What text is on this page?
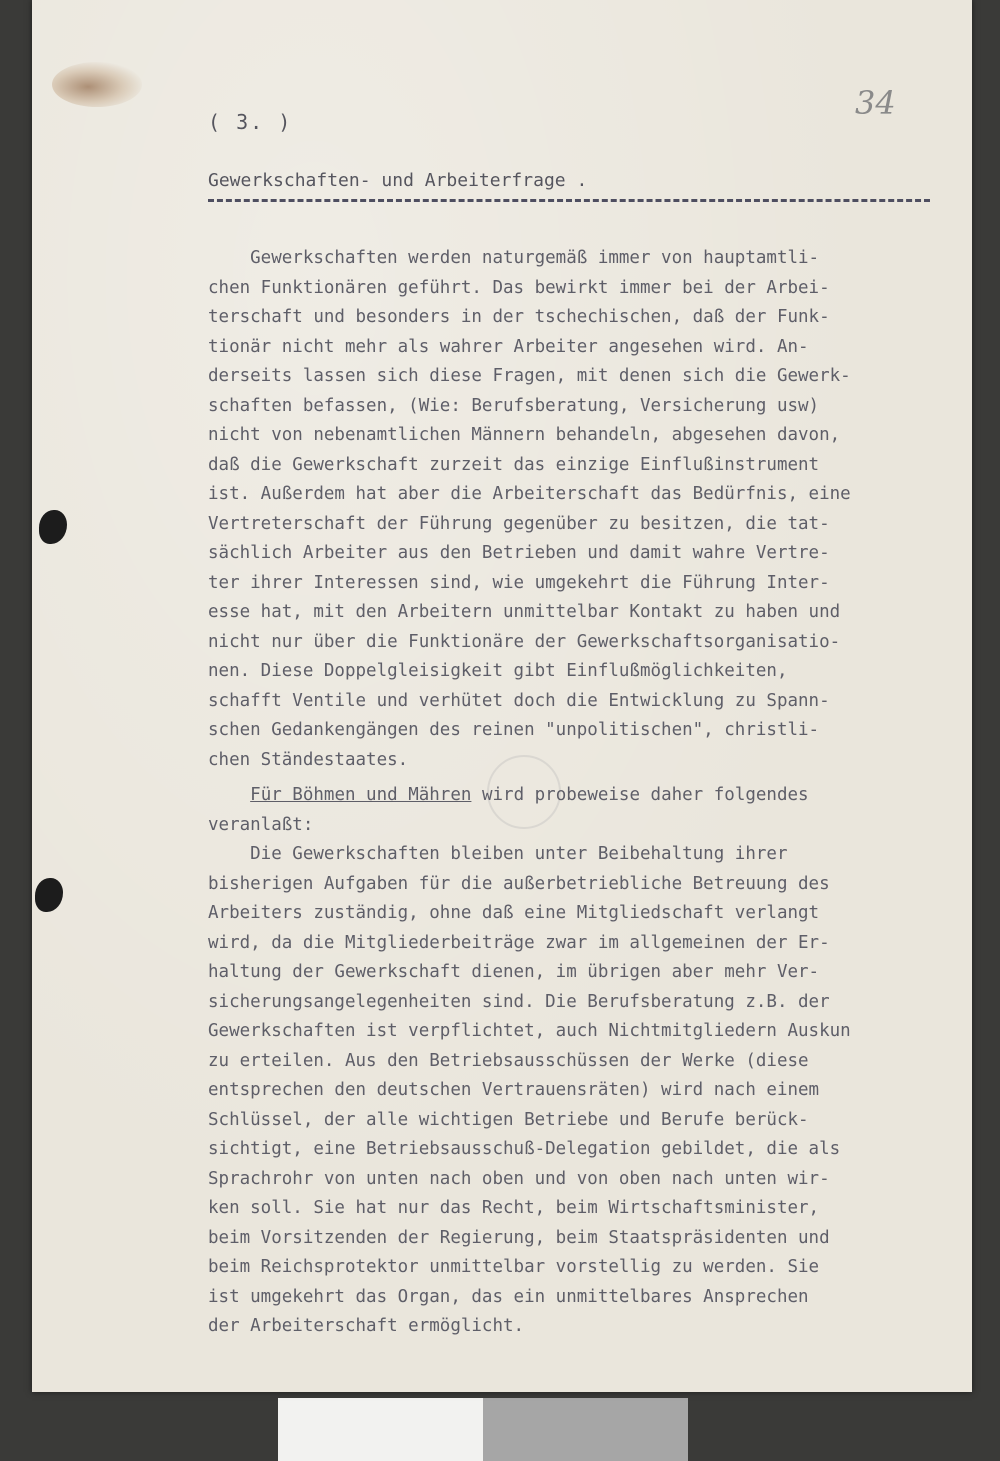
( 3. )	34
Gewerkschaften- und Arbeiterfrage .
Gewerkschaften werden naturgemäß immer von hauptamtli-
chen Funktionären geführt. Das bewirkt immer bei der Arbei-
terschaft und besonders in der tschechischen, daß der Funk-
tionär nicht mehr als wahrer Arbeiter angesehen wird. An-
derseits lassen sich diese Fragen, mit denen sich die Gewerk-
schaften befassen, (Wie: Berufsberatung, Versicherung usw)
nicht von nebenamtlichen Männern behandeln, abgesehen davon,
daß die Gewerkschaft zurzeit das einzige Einflußinstrument
ist. Außerdem hat aber die Arbeiterschaft das Bedürfnis, eine
Vertreterschaft der Führung gegenüber zu besitzen, die tat-
sächlich Arbeiter aus den Betrieben und damit wahre Vertre-
ter ihrer Interessen sind, wie umgekehrt die Führung Inter-
esse hat, mit den Arbeitern unmittelbar Kontakt zu haben und
nicht nur über die Funktionäre der Gewerkschaftsorganisatio-
nen. Diese Doppelgleisigkeit gibt Einflußmöglichkeiten,
schafft Ventile und verhütet doch die Entwicklung zu Spann-
schen Gedankengängen des reinen "unpolitischen", christli-
chen Ständestaates.
Für Böhmen und Mähren wird probeweise daher folgendes
veranlaßt:
Die Gewerkschaften bleiben unter Beibehaltung ihrer
bisherigen Aufgaben für die außerbetriebliche Betreuung des
Arbeiters zuständig, ohne daß eine Mitgliedschaft verlangt
wird, da die Mitgliederbeiträge zwar im allgemeinen der Er-
haltung der Gewerkschaft dienen, im übrigen aber mehr Ver-
sicherungsangelegenheiten sind. Die Berufsberatung z.B. der
Gewerkschaften ist verpflichtet, auch Nichtmitgliedern Auskun
zu erteilen. Aus den Betriebsausschüssen der Werke (diese
entsprechen den deutschen Vertrauensräten) wird nach einem
Schlüssel, der alle wichtigen Betriebe und Berufe berück-
sichtigt, eine Betriebsausschuß-Delegation gebildet, die als
Sprachrohr von unten nach oben und von oben nach unten wir-
ken soll. Sie hat nur das Recht, beim Wirtschaftsminister,
beim Vorsitzenden der Regierung, beim Staatspräsidenten und
beim Reichsprotektor unmittelbar vorstellig zu werden. Sie
ist umgekehrt das Organ, das ein unmittelbares Ansprechen
der Arbeiterschaft ermöglicht.
